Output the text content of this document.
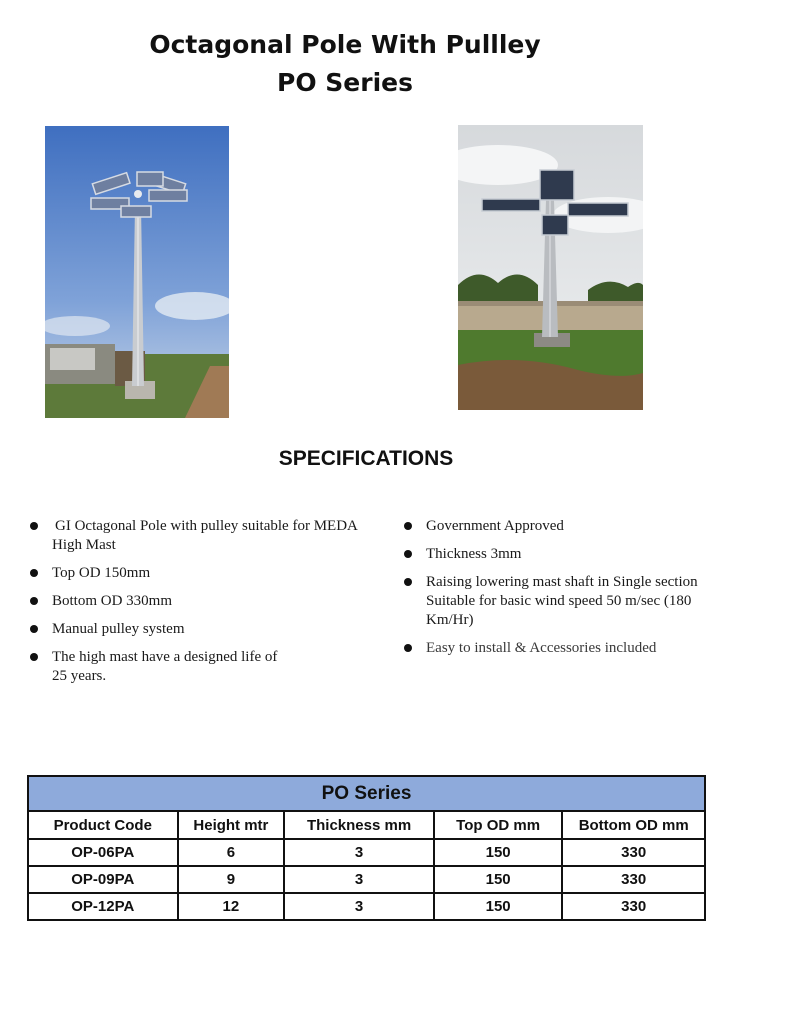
Octagonal Pole With Pullley
PO Series
SPECIFICATIONS
GI Octagonal Pole with pulley suitable for MEDA High Mast
Top OD 150mm
Bottom OD 330mm
Manual pulley system
The high mast have a designed life of 25 years.
Government Approved
Thickness 3mm
Raising lowering mast shaft in Single section Suitable for basic wind speed 50 m/sec (180 Km/Hr)
Easy to install & Accessories included
PO Series				
Product Code	Height mtr	Thickness mm	Top OD mm	Bottom OD mm
OP-06PA	6	3	150	330
OP-09PA	9	3	150	330
OP-12PA	12	3	150	330
